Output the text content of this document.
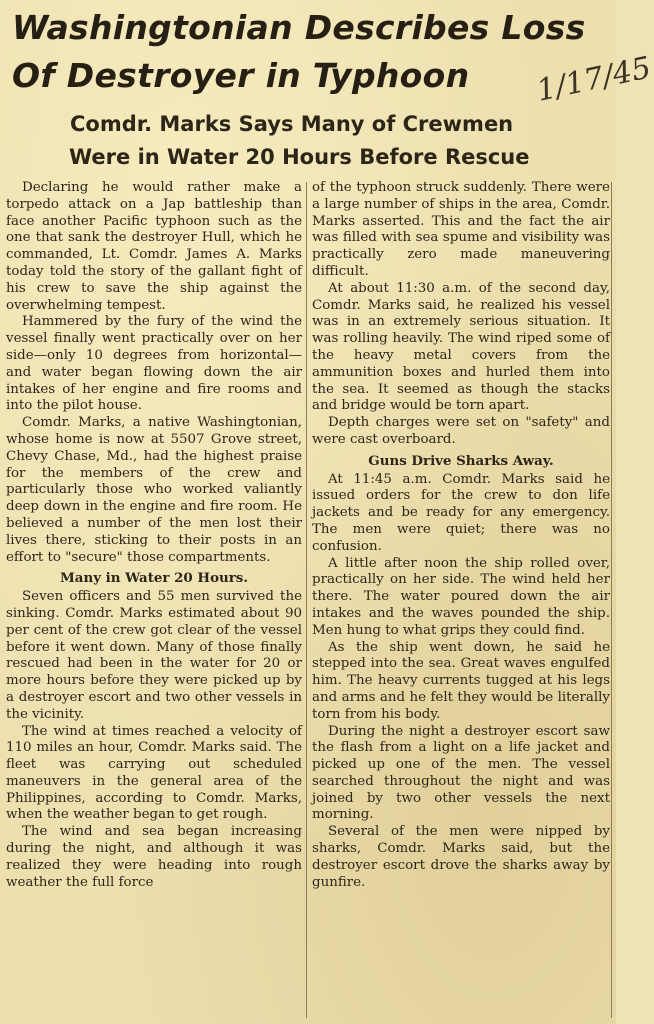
Washingtonian Describes Loss
Of Destroyer in Typhoon 1/17/45
Comdr. Marks Says Many of Crewmen
Were in Water 20 Hours Before Rescue

Declaring he would rather make a torpedo attack on a Jap battleship than face another Pacific typhoon such as the one that sank the destroyer Hull, which he commanded, Lt. Comdr. James A. Marks today told the story of the gallant fight of his crew to save the ship against the overwhelming tempest.

Hammered by the fury of the wind the vessel finally went practically over on her side—only 10 degrees from horizontal—and water began flowing down the air intakes of her engine and fire rooms and into the pilot house.

Comdr. Marks, a native Washingtonian, whose home is now at 5507 Grove street, Chevy Chase, Md., had the highest praise for the members of the crew and particularly those who worked valiantly deep down in the engine and fire room. He believed a number of the men lost their lives there, sticking to their posts in an effort to "secure" those compartments.

Many in Water 20 Hours.

Seven officers and 55 men survived the sinking. Comdr. Marks estimated about 90 per cent of the crew got clear of the vessel before it went down. Many of those finally rescued had been in the water for 20 or more hours before they were picked up by a destroyer escort and two other vessels in the vicinity.

The wind at times reached a velocity of 110 miles an hour, Comdr. Marks said. The fleet was carrying out scheduled maneuvers in the general area of the Philippines, according to Comdr. Marks, when the weather began to get rough.

The wind and sea began increasing during the night, and although it was realized they were heading into rough weather the full force

of the typhoon struck suddenly. There were a large number of ships in the area, Comdr. Marks asserted. This and the fact the air was filled with sea spume and visibility was practically zero made maneuvering difficult.

At about 11:30 a.m. of the second day, Comdr. Marks said, he realized his vessel was in an extremely serious situation. It was rolling heavily. The wind riped some of the heavy metal covers from the ammunition boxes and hurled them into the sea. It seemed as though the stacks and bridge would be torn apart.

Depth charges were set on "safety" and were cast overboard.

Guns Drive Sharks Away.

At 11:45 a.m. Comdr. Marks said he issued orders for the crew to don life jackets and be ready for any emergency. The men were quiet; there was no confusion.

A little after noon the ship rolled over, practically on her side. The wind held her there. The water poured down the air intakes and the waves pounded the ship. Men hung to what grips they could find.

As the ship went down, he said he stepped into the sea. Great waves engulfed him. The heavy currents tugged at his legs and arms and he felt they would be literally torn from his body.

During the night a destroyer escort saw the flash from a light on a life jacket and picked up one of the men. The vessel searched throughout the night and was joined by two other vessels the next morning.

Several of the men were nipped by sharks, Comdr. Marks said, but the destroyer escort drove the sharks away by gunfire.
